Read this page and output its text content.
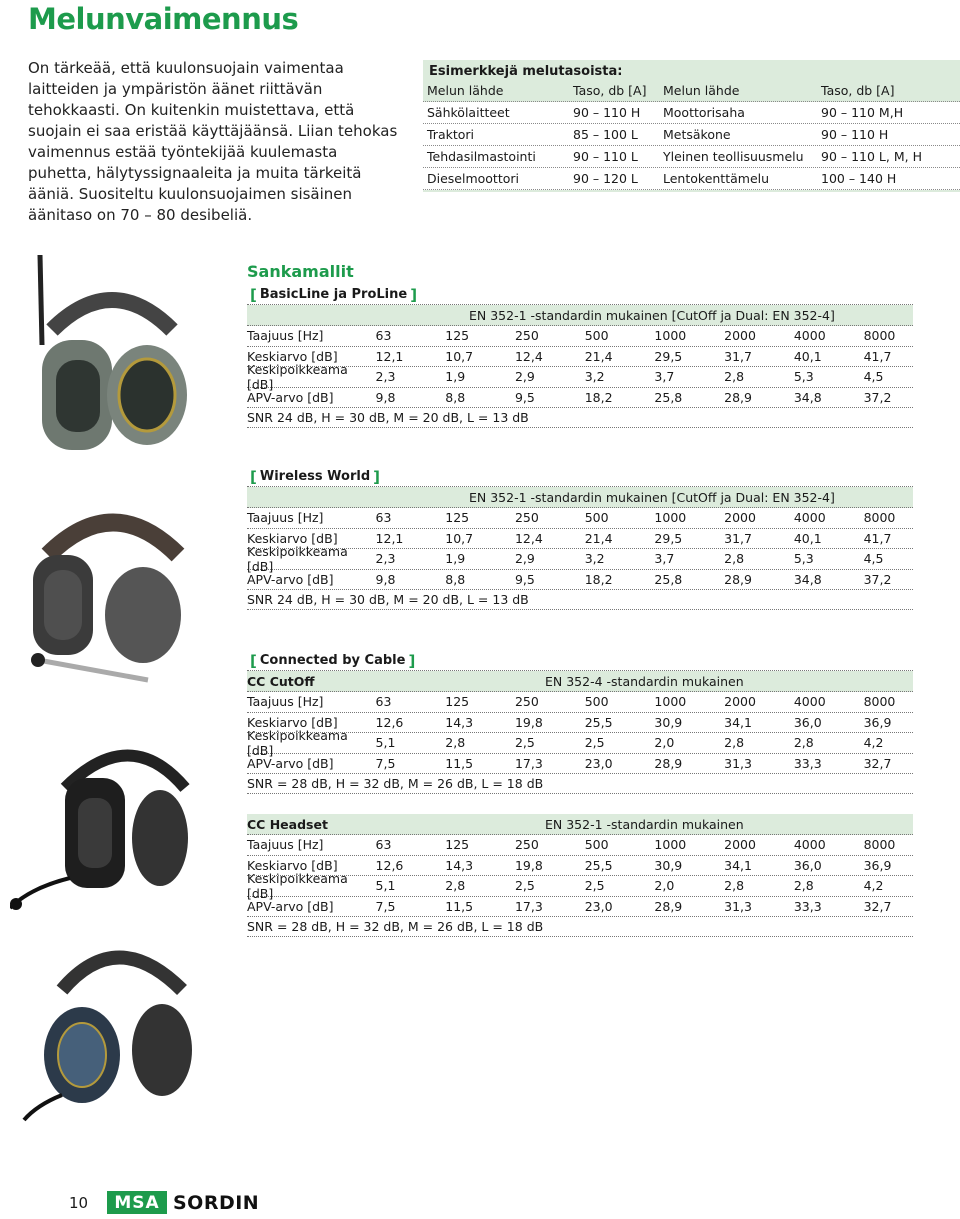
Melunvaimennus
On tärkeää, että kuulonsuojain vaimentaa laitteiden ja ympäristön äänet riittävän tehokkaasti. On kuitenkin muistettava, että suojain ei saa eristää käyttäjäänsä. Liian tehokas vaimennus estää työntekijää kuulemasta puhetta, hälytyssignaaleita ja muita tärkeitä ääniä. Suositeltu kuulonsuojaimen sisäinen äänitaso on 70 – 80 desibeliä.
Esimerkkejä melutasoista:
Melun lähde	Taso, db [A]	Melun lähde	Taso, db [A]
Sähkölaitteet	90 – 110 H	Moottorisaha	90 – 110 M,H
Traktori	85 – 100 L	Metsäkone	90 – 110 H
Tehdasilmastointi	90 – 110 L	Yleinen teollisuusmelu	90 – 110 L, M, H
Dieselmoottori	90 – 120 L	Lentokenttämelu	100 – 140 H
Sankamallit
[ BasicLine ja ProLine ]
EN 352-1 -standardin mukainen [CutOff ja Dual: EN 352-4]
Taajuus [Hz]	63	125	250	500	1000	2000	4000	8000
Keskiarvo [dB]	12,1	10,7	12,4	21,4	29,5	31,7	40,1	41,7
Keskipoikkeama [dB]	2,3	1,9	2,9	3,2	3,7	2,8	5,3	4,5
APV-arvo [dB]	9,8	8,8	9,5	18,2	25,8	28,9	34,8	37,2
SNR 24 dB, H = 30 dB, M = 20 dB, L = 13 dB
[ Wireless World ]
EN 352-1 -standardin mukainen [CutOff ja Dual: EN 352-4]
Taajuus [Hz]	63	125	250	500	1000	2000	4000	8000
Keskiarvo [dB]	12,1	10,7	12,4	21,4	29,5	31,7	40,1	41,7
Keskipoikkeama [dB]	2,3	1,9	2,9	3,2	3,7	2,8	5,3	4,5
APV-arvo [dB]	9,8	8,8	9,5	18,2	25,8	28,9	34,8	37,2
SNR 24 dB, H = 30 dB, M = 20 dB, L = 13 dB
[ Connected by Cable ]
CC CutOff	EN 352-4 -standardin mukainen
Taajuus [Hz]	63	125	250	500	1000	2000	4000	8000
Keskiarvo [dB]	12,6	14,3	19,8	25,5	30,9	34,1	36,0	36,9
Keskipoikkeama [dB]	5,1	2,8	2,5	2,5	2,0	2,8	2,8	4,2
APV-arvo [dB]	7,5	11,5	17,3	23,0	28,9	31,3	33,3	32,7
SNR = 28 dB, H = 32 dB, M = 26 dB, L = 18 dB
CC Headset	EN 352-1 -standardin mukainen
Taajuus [Hz]	63	125	250	500	1000	2000	4000	8000
Keskiarvo [dB]	12,6	14,3	19,8	25,5	30,9	34,1	36,0	36,9
Keskipoikkeama [dB]	5,1	2,8	2,5	2,5	2,0	2,8	2,8	4,2
APV-arvo [dB]	7,5	11,5	17,3	23,0	28,9	31,3	33,3	32,7
SNR = 28 dB, H = 32 dB, M = 26 dB, L = 18 dB
10	MSA SORDIN
